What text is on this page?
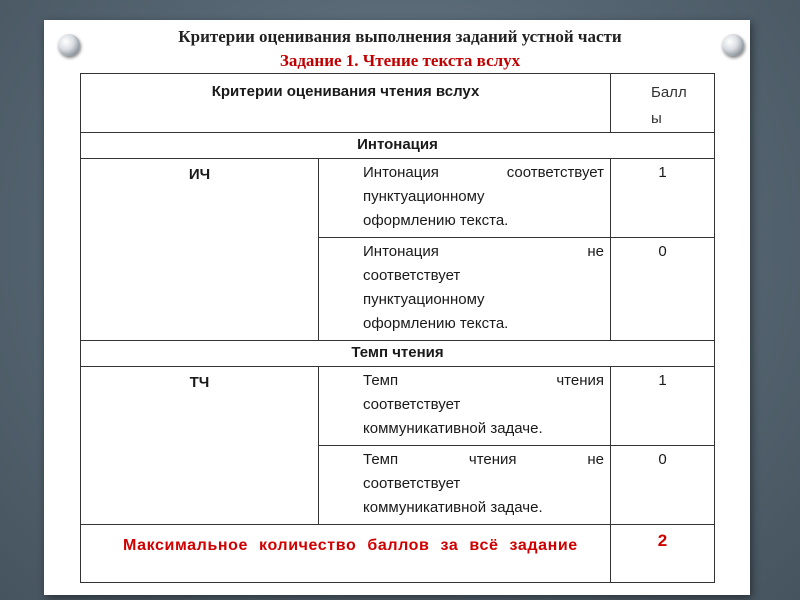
Критерии оценивания выполнения заданий устной части
Задание 1. Чтение текста вслух
Критерии оценивания чтения вслух		Балл
ы
Интонация		
ИЧ	Интонация соответствует
пунктуационному
оформлению текста.	1

	Интонация не
соответствует
пунктуационному
оформлению текста.	0
Темп чтения		
ТЧ	Темп чтения
соответствует
коммуникативной задаче.	1

	Темп чтения не
соответствует
коммуникативной задаче.	0
Максимальное количество баллов за всё задание		2
